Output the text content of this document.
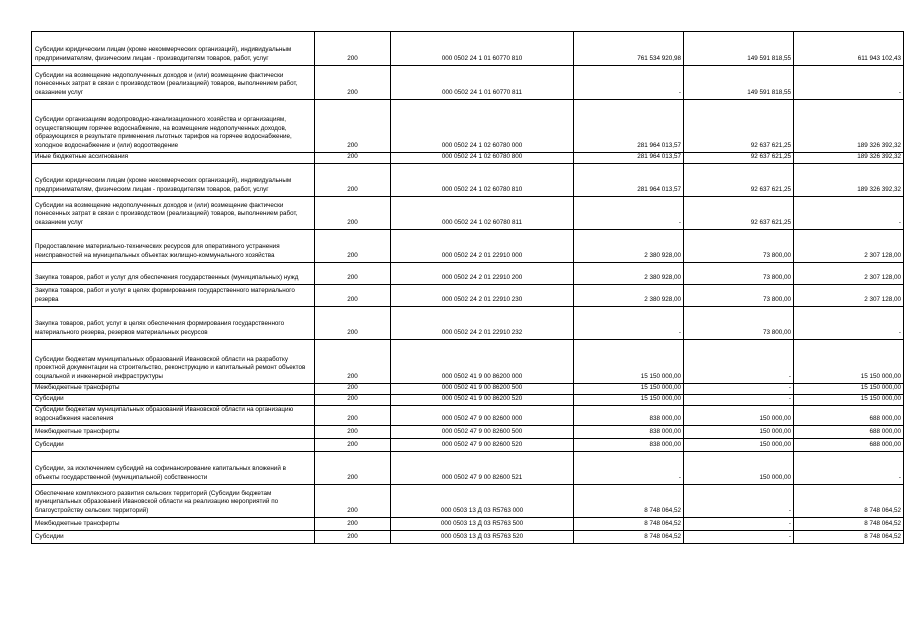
Субсидии юридическим лицам (кроме некоммерческих организаций), индивидуальным предпринимателям, физическим лицам - производителям товаров, работ, услуг	200	000 0502 24 1 01 60770 810	761 534 920,98	149 591 818,55	611 943 102,43
Субсидии на возмещение недополученных доходов и (или) возмещение фактически понесенных затрат в связи с производством (реализацией) товаров, выполнением работ, оказанием услуг	200	000 0502 24 1 01 60770 811	-	149 591 818,55	-
Субсидии организациям водопроводно-канализационного хозяйства и организациям, осуществляющим горячее водоснабжение, на возмещение недополученных доходов, образующихся в результате применения льготных тарифов на горячее водоснабжение, холодное водоснабжение и (или) водоотведение	200	000 0502 24 1 02 60780 000	281 964 013,57	92 637 621,25	189 326 392,32
Иные бюджетные ассигнования	200	000 0502 24 1 02 60780 800	281 964 013,57	92 637 621,25	189 326 392,32
Субсидии юридическим лицам (кроме некоммерческих организаций), индивидуальным предпринимателям, физическим лицам - производителям товаров, работ, услуг	200	000 0502 24 1 02 60780 810	281 964 013,57	92 637 621,25	189 326 392,32
Субсидии на возмещение недополученных доходов и (или) возмещение фактически понесенных затрат в связи с производством (реализацией) товаров, выполнением работ, оказанием услуг	200	000 0502 24 1 02 60780 811	-	92 637 621,25	-
Предоставление материально-технических ресурсов для оперативного устранения неисправностей на муниципальных объектах жилищно-коммунального хозяйства	200	000 0502 24 2 01 22910 000	2 380 928,00	73 800,00	2 307 128,00
Закупка товаров, работ и услуг для обеспечения государственных (муниципальных) нужд	200	000 0502 24 2 01 22910 200	2 380 928,00	73 800,00	2 307 128,00
Закупка товаров, работ и услуг в целях формирования государственного материального резерва	200	000 0502 24 2 01 22910 230	2 380 928,00	73 800,00	2 307 128,00
Закупка товаров, работ, услуг в целях обеспечения формирования государственного материального резерва, резервов материальных ресурсов	200	000 0502 24 2 01 22910 232	-	73 800,00	-
Субсидии бюджетам муниципальных образований Ивановской области на разработку проектной документации на строительство, реконструкцию и капитальный ремонт объектов социальной и инженерной инфраструктуры	200	000 0502 41 9 00 86200 000	15 150 000,00	-	15 150 000,00
Межбюджетные трансферты	200	000 0502 41 9 00 86200 500	15 150 000,00	-	15 150 000,00
Субсидии	200	000 0502 41 9 00 86200 520	15 150 000,00	-	15 150 000,00
Субсидии бюджетам муниципальных образований Ивановской области на организацию водоснабжения населения	200	000 0502 47 9 00 82600 000	838 000,00	150 000,00	688 000,00
Межбюджетные трансферты	200	000 0502 47 9 00 82600 500	838 000,00	150 000,00	688 000,00
Субсидии	200	000 0502 47 9 00 82600 520	838 000,00	150 000,00	688 000,00
Субсидии, за исключением субсидий на софинансирование капитальных вложений в объекты государственной (муниципальной) собственности	200	000 0502 47 9 00 82600 521	-	150 000,00	-
Обеспечение комплексного развития сельских территорий (Субсидии бюджетам муниципальных образований Ивановской области на реализацию мероприятий по благоустройству сельских территорий)	200	000 0503 13 Д 03 R5763 000	8 748 064,52	-	8 748 064,52
Межбюджетные трансферты	200	000 0503 13 Д 03 R5763 500	8 748 064,52	-	8 748 064,52
Субсидии	200	000 0503 13 Д 03 R5763 520	8 748 064,52	-	8 748 064,52
